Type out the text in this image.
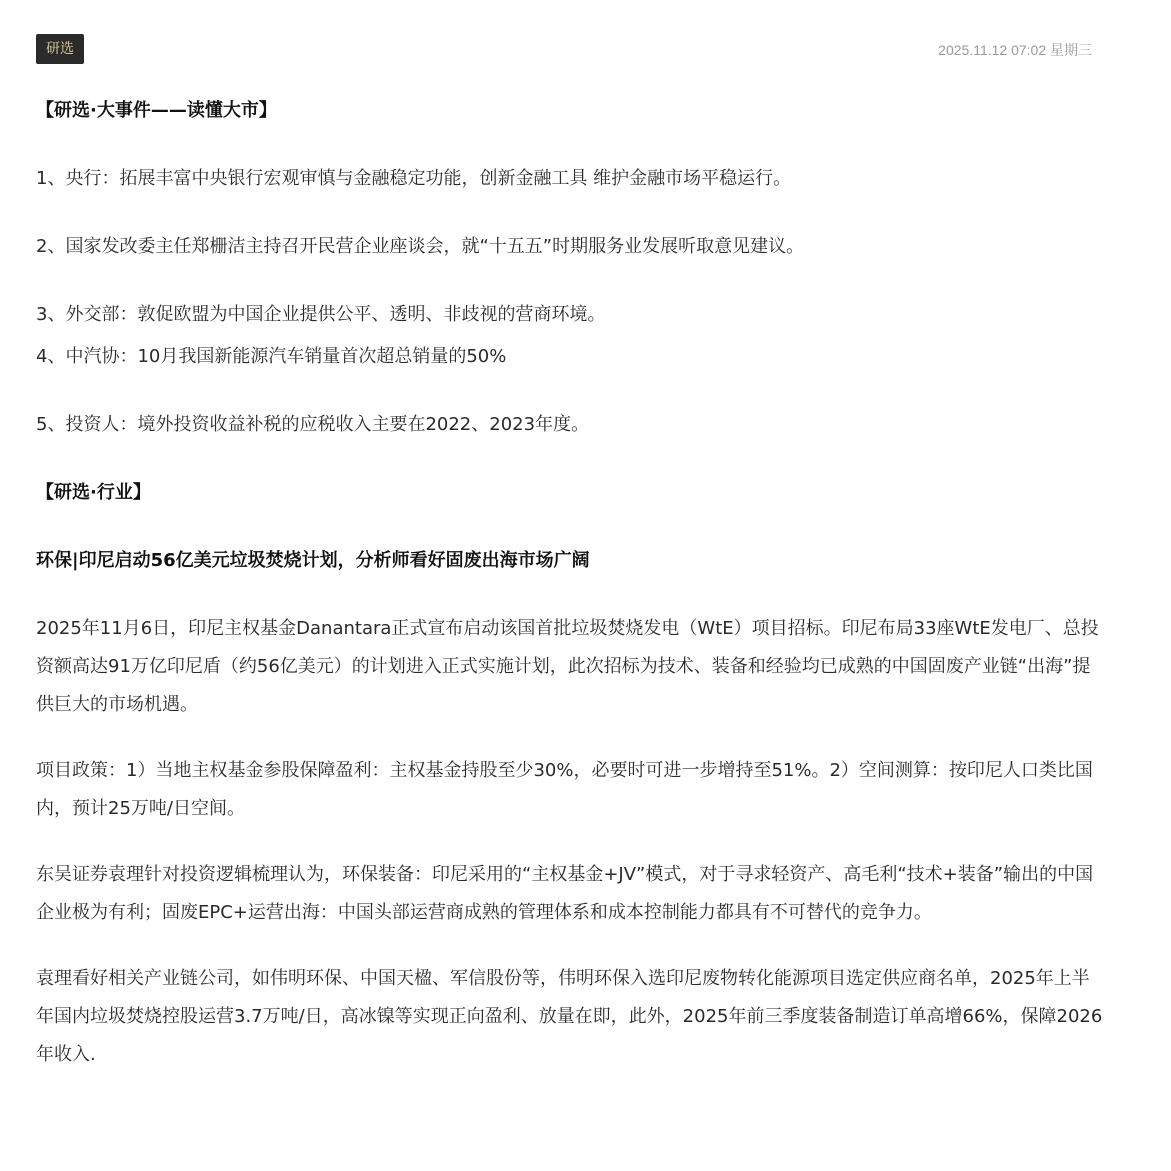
研选	2025.11.12 07:02 星期三

【研选·大事件——读懂大市】

1、央行：拓展丰富中央银行宏观审慎与金融稳定功能，创新金融工具 维护金融市场平稳运行。

2、国家发改委主任郑栅洁主持召开民营企业座谈会，就“十五五”时期服务业发展听取意见建议。

3、外交部：敦促欧盟为中国企业提供公平、透明、非歧视的营商环境。

4、中汽协：10月我国新能源汽车销量首次超总销量的50%

5、投资人：境外投资收益补税的应税收入主要在2022、2023年度。

【研选·行业】

环保|印尼启动56亿美元垃圾焚烧计划，分析师看好固废出海市场广阔

2025年11月6日，印尼主权基金Danantara正式宣布启动该国首批垃圾焚烧发电（WtE）项目招标。印尼布局33座WtE发电厂、总投资额高达91万亿印尼盾（约56亿美元）的计划进入正式实施计划，此次招标为技术、装备和经验均已成熟的中国固废产业链“出海”提供巨大的市场机遇。

项目政策：1）当地主权基金参股保障盈利：主权基金持股至少30%，必要时可进一步增持至51%。2）空间测算：按印尼人口类比国内，预计25万吨/日空间。

东吴证券袁理针对投资逻辑梳理认为，环保装备：印尼采用的“主权基金+JV”模式，对于寻求轻资产、高毛利“技术+装备”输出的中国企业极为有利；固废EPC+运营出海：中国头部运营商成熟的管理体系和成本控制能力都具有不可替代的竞争力。

袁理看好相关产业链公司，如伟明环保、中国天楹、军信股份等，伟明环保入选印尼废物转化能源项目选定供应商名单，2025年上半年国内垃圾焚烧控股运营3.7万吨/日，高冰镍等实现正向盈利、放量在即，此外，2025年前三季度装备制造订单高增66%，保障2026年收入.
